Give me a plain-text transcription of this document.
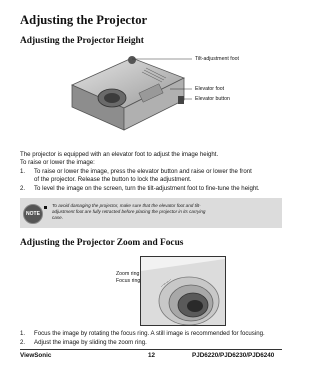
Adjusting the Projector
Adjusting the Projector Height
Tilt-adjustment foot
Elevator foot
Elevator button
The projector is equipped with an elevator foot to adjust the image height.
To raise or lower the image:
1. To raise or lower the image, press the elevator button and raise or lower the front
of the projector. Release the button to lock the adjustment.
2. To level the image on the screen, turn the tilt-adjustment foot to fine-tune the height.
NOTE
To avoid damaging the projector, make sure that the elevator foot and tilt-
adjustment foot are fully retracted before placing the projector in its carrying
case.
Adjusting the Projector Zoom and Focus
Zoom ring
Focus ring
1. Focus the image by rotating the focus ring. A still image is recommended for focusing.
2. Adjust the image by sliding the zoom ring.
ViewSonic	12	PJD6220/PJD6230/PJD6240
